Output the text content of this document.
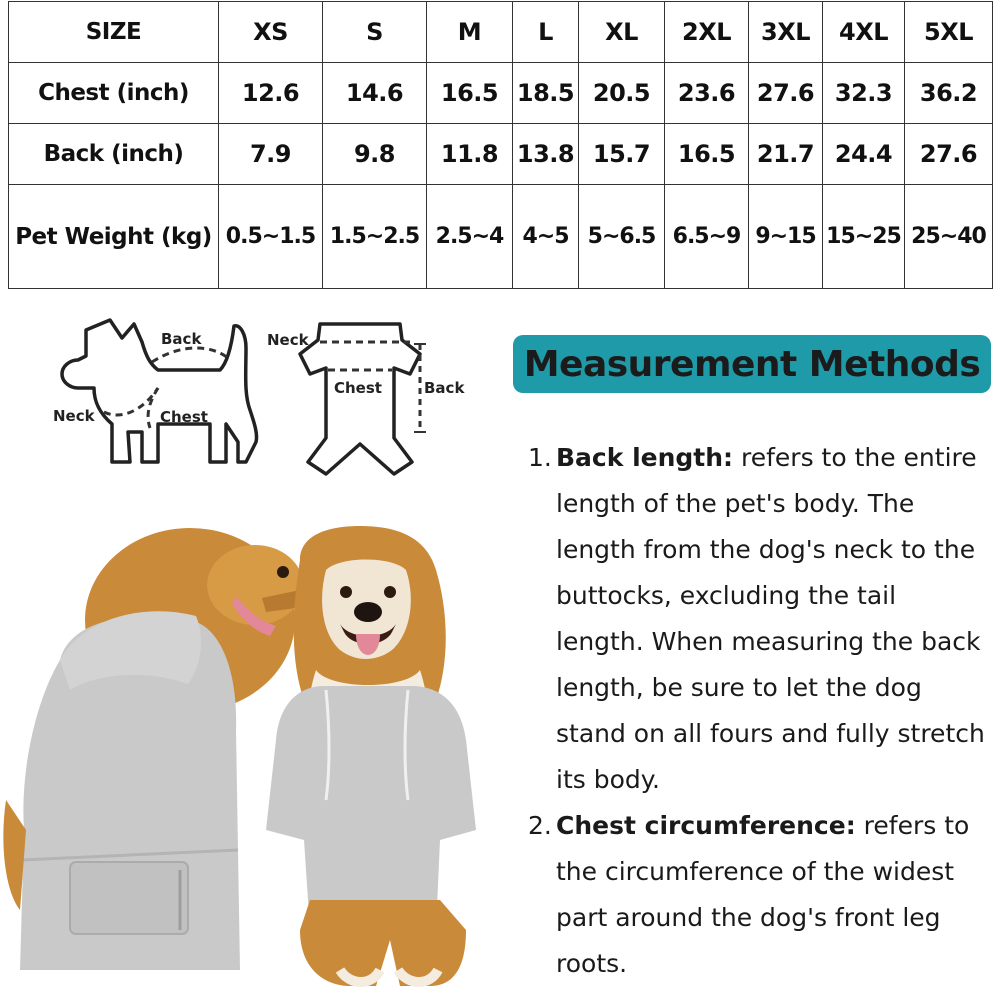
SIZE	XS	S	M	L	XL	2XL	3XL	4XL	5XL
Chest (inch)	12.6	14.6	16.5	18.5	20.5	23.6	27.6	32.3	36.2
Back (inch)	7.9	9.8	11.8	13.8	15.7	16.5	21.7	24.4	27.6
Pet Weight (kg)	0.5~1.5	1.5~2.5	2.5~4	4~5	5~6.5	6.5~9	9~15	15~25	25~40
Back
Neck	Chest
Neck
Chest	Back
Measurement Methods
1. Back length: refers to the entire length of the pet's body. The length from the dog's neck to the buttocks, excluding the tail length. When measuring the back length, be sure to let the dog stand on all fours and fully stretch its body.
2. Chest circumference: refers to the circumference of the widest part around the dog's front leg roots.
